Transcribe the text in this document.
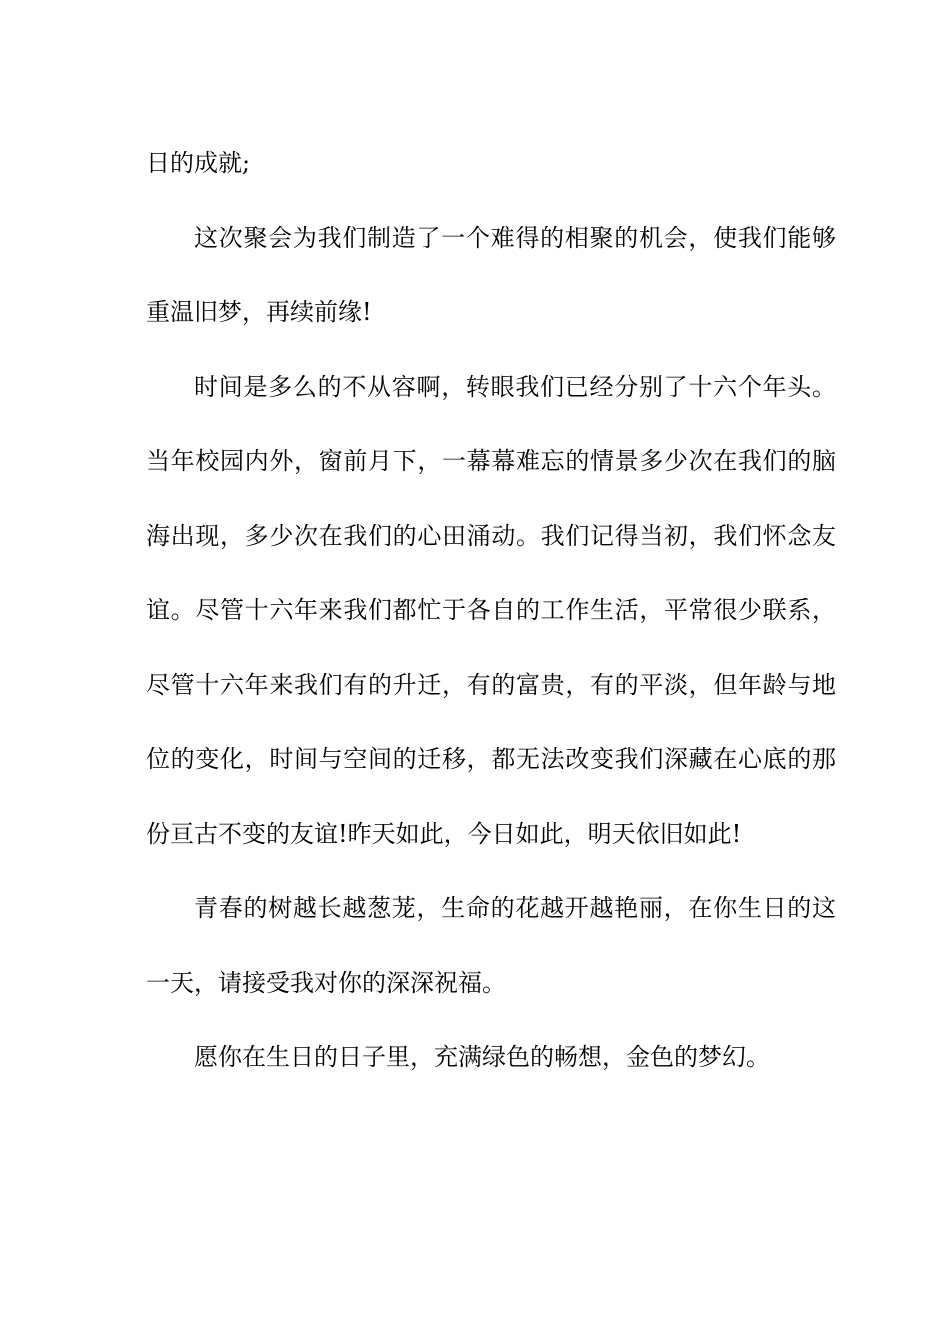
日的成就;

这次聚会为我们制造了一个难得的相聚的机会，使我们能够重温旧梦，再续前缘!

时间是多么的不从容啊，转眼我们已经分别了十六个年头。当年校园内外，窗前月下，一幕幕难忘的情景多少次在我们的脑海出现，多少次在我们的心田涌动。我们记得当初，我们怀念友谊。尽管十六年来我们都忙于各自的工作生活，平常很少联系，尽管十六年来我们有的升迁，有的富贵，有的平淡，但年龄与地位的变化，时间与空间的迁移，都无法改变我们深藏在心底的那份亘古不变的友谊!昨天如此，今日如此，明天依旧如此!

青春的树越长越葱茏，生命的花越开越艳丽，在你生日的这一天，请接受我对你的深深祝福。

愿你在生日的日子里，充满绿色的畅想，金色的梦幻。
